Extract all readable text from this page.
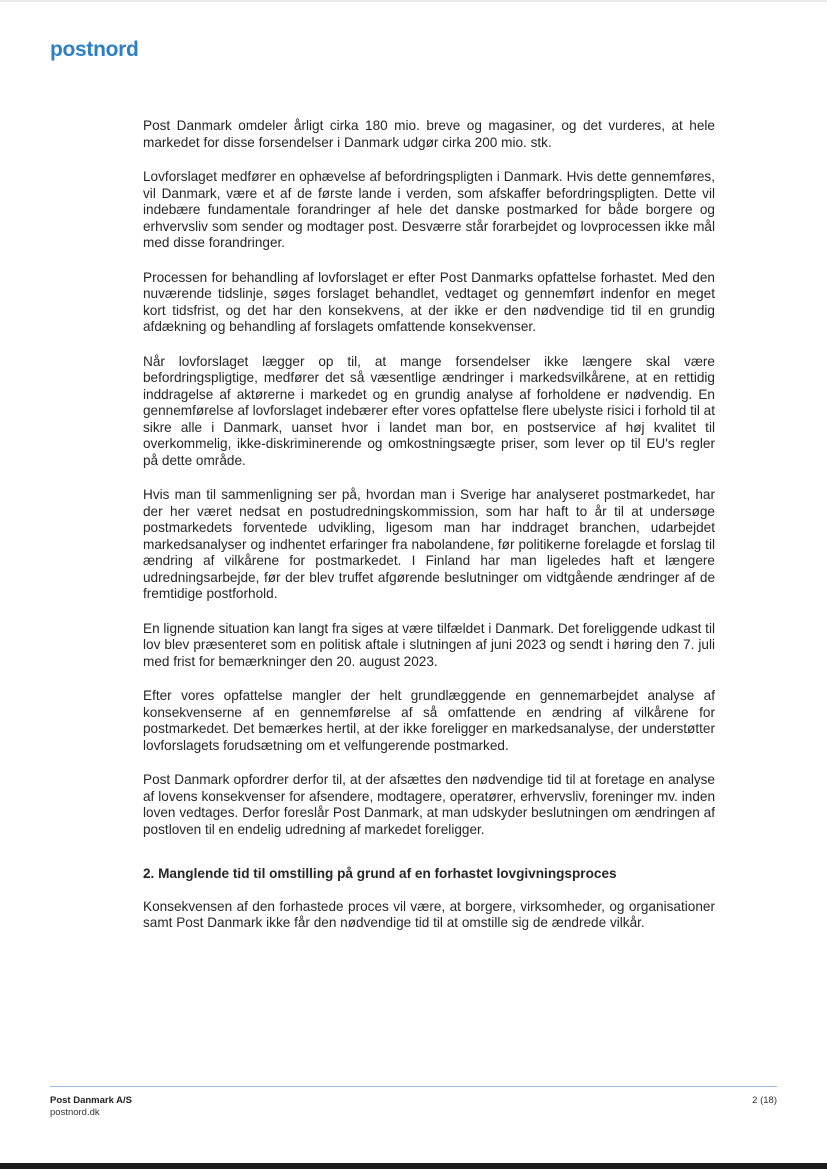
postnord

Post Danmark omdeler årligt cirka 180 mio. breve og magasiner, og det vurderes, at hele markedet for disse forsendelser i Danmark udgør cirka 200 mio. stk.

Lovforslaget medfører en ophævelse af befordringspligten i Danmark. Hvis dette gennemføres, vil Danmark, være et af de første lande i verden, som afskaffer befordringspligten. Dette vil indebære fundamentale forandringer af hele det danske postmarked for både borgere og erhvervsliv som sender og modtager post. Desværre står forarbejdet og lovprocessen ikke mål med disse forandringer.

Processen for behandling af lovforslaget er efter Post Danmarks opfattelse forhastet. Med den nuværende tidslinje, søges forslaget behandlet, vedtaget og gennemført indenfor en meget kort tidsfrist, og det har den konsekvens, at der ikke er den nødvendige tid til en grundig afdækning og behandling af forslagets omfattende konsekvenser.

Når lovforslaget lægger op til, at mange forsendelser ikke længere skal være befordringspligtige, medfører det så væsentlige ændringer i markedsvilkårene, at en rettidig inddragelse af aktørerne i markedet og en grundig analyse af forholdene er nødvendig. En gennemførelse af lovforslaget indebærer efter vores opfattelse flere ubelyste risici i forhold til at sikre alle i Danmark, uanset hvor i landet man bor, en postservice af høj kvalitet til overkommelig, ikke-diskriminerende og omkostningsægte priser, som lever op til EU's regler på dette område.

Hvis man til sammenligning ser på, hvordan man i Sverige har analyseret postmarkedet, har der her været nedsat en postudredningskommission, som har haft to år til at undersøge postmarkedets forventede udvikling, ligesom man har inddraget branchen, udarbejdet markedsanalyser og indhentet erfaringer fra nabolandene, før politikerne forelagde et forslag til ændring af vilkårene for postmarkedet. I Finland har man ligeledes haft et længere udredningsarbejde, før der blev truffet afgørende beslutninger om vidtgående ændringer af de fremtidige postforhold.

En lignende situation kan langt fra siges at være tilfældet i Danmark. Det foreliggende udkast til lov blev præsenteret som en politisk aftale i slutningen af juni 2023 og sendt i høring den 7. juli med frist for bemærkninger den 20. august 2023.

Efter vores opfattelse mangler der helt grundlæggende en gennemarbejdet analyse af konsekvenserne af en gennemførelse af så omfattende en ændring af vilkårene for postmarkedet. Det bemærkes hertil, at der ikke foreligger en markedsanalyse, der understøtter lovforslagets forudsætning om et velfungerende postmarked.

Post Danmark opfordrer derfor til, at der afsættes den nødvendige tid til at foretage en analyse af lovens konsekvenser for afsendere, modtagere, operatører, erhvervsliv, foreninger mv. inden loven vedtages. Derfor foreslår Post Danmark, at man udskyder beslutningen om ændringen af postloven til en endelig udredning af markedet foreligger.

2. Manglende tid til omstilling på grund af en forhastet lovgivningsproces

Konsekvensen af den forhastede proces vil være, at borgere, virksomheder, og organisationer samt Post Danmark ikke får den nødvendige tid til at omstille sig de ændrede vilkår.

Post Danmark A/S
postnord.dk
2 (18)
